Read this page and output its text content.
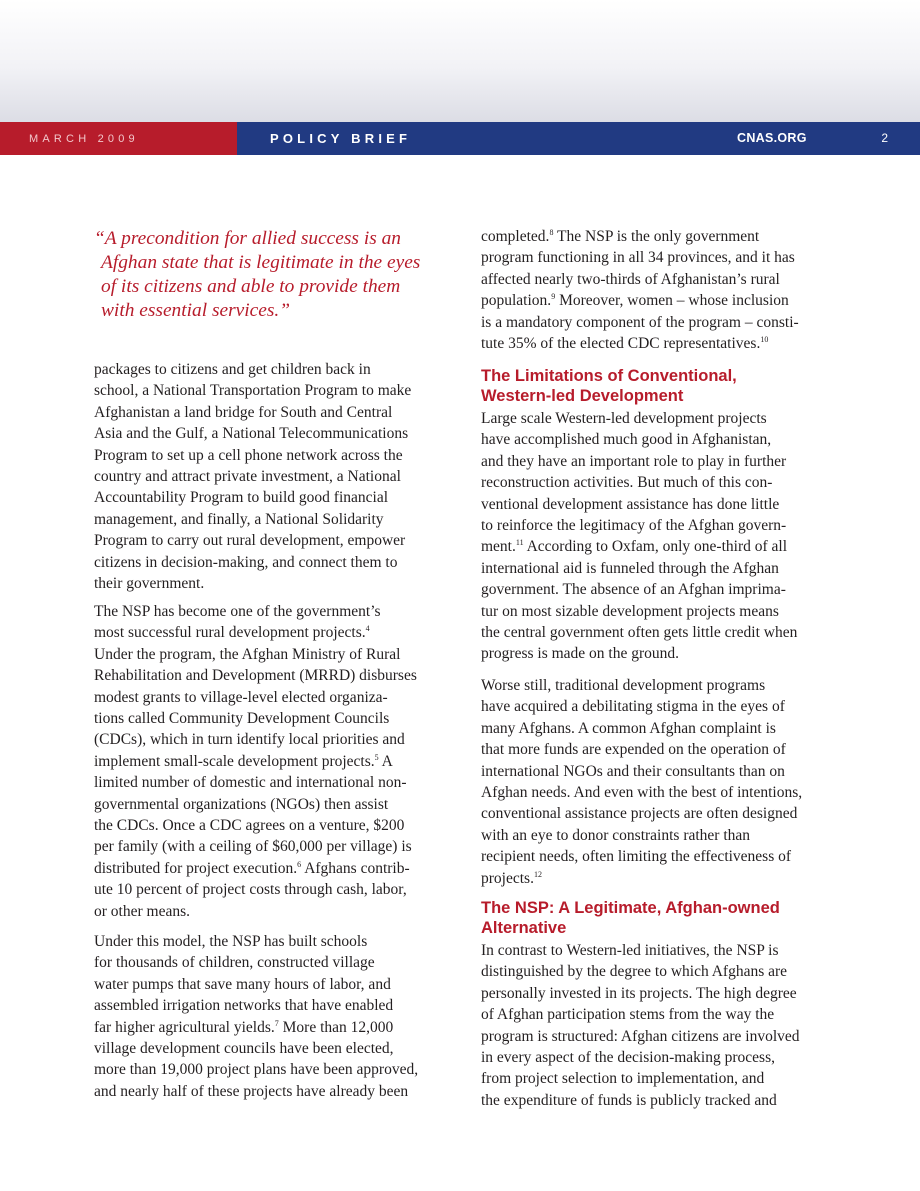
MARCH 2009	POLICY BRIEF	CNAS.ORG	2
“A precondition for allied success is an
Afghan state that is legitimate in the eyes
of its citizens and able to provide them
with essential services.”

packages to citizens and get children back in
school, a National Transportation Program to make
Afghanistan a land bridge for South and Central
Asia and the Gulf, a National Telecommunications
Program to set up a cell phone network across the
country and attract private investment, a National
Accountability Program to build good financial
management, and finally, a National Solidarity
Program to carry out rural development, empower
citizens in decision-making, and connect them to
their government.

The NSP has become one of the government’s
most successful rural development projects.$^4$
Under the program, the Afghan Ministry of Rural
Rehabilitation and Development (MRRD) disburses
modest grants to village-level elected organiza-
tions called Community Development Councils
(CDCs), which in turn identify local priorities and
implement small-scale development projects.$^5$ A
limited number of domestic and international non-
governmental organizations (NGOs) then assist
the CDCs. Once a CDC agrees on a venture, $200
per family (with a ceiling of $60,000 per village) is
distributed for project execution.$^6$ Afghans contrib-
ute 10 percent of project costs through cash, labor,
or other means.

Under this model, the NSP has built schools
for thousands of children, constructed village
water pumps that save many hours of labor, and
assembled irrigation networks that have enabled
far higher agricultural yields.$^7$ More than 12,000
village development councils have been elected,
more than 19,000 project plans have been approved,
and nearly half of these projects have already been

completed.$^8$ The NSP is the only government
program functioning in all 34 provinces, and it has
affected nearly two-thirds of Afghanistan’s rural
population.$^9$ Moreover, women – whose inclusion
is a mandatory component of the program – consti-
tute 35% of the elected CDC representatives.$^{10}$

The Limitations of Conventional,
Western-led Development

Large scale Western-led development projects
have accomplished much good in Afghanistan,
and they have an important role to play in further
reconstruction activities. But much of this con-
ventional development assistance has done little
to reinforce the legitimacy of the Afghan govern-
ment.$^{11}$ According to Oxfam, only one-third of all
international aid is funneled through the Afghan
government. The absence of an Afghan imprima-
tur on most sizable development projects means
the central government often gets little credit when
progress is made on the ground.

Worse still, traditional development programs
have acquired a debilitating stigma in the eyes of
many Afghans. A common Afghan complaint is
that more funds are expended on the operation of
international NGOs and their consultants than on
Afghan needs. And even with the best of intentions,
conventional assistance projects are often designed
with an eye to donor constraints rather than
recipient needs, often limiting the effectiveness of
projects.$^{12}$

The NSP: A Legitimate, Afghan-owned
Alternative

In contrast to Western-led initiatives, the NSP is
distinguished by the degree to which Afghans are
personally invested in its projects. The high degree
of Afghan participation stems from the way the
program is structured: Afghan citizens are involved
in every aspect of the decision-making process,
from project selection to implementation, and
the expenditure of funds is publicly tracked and
